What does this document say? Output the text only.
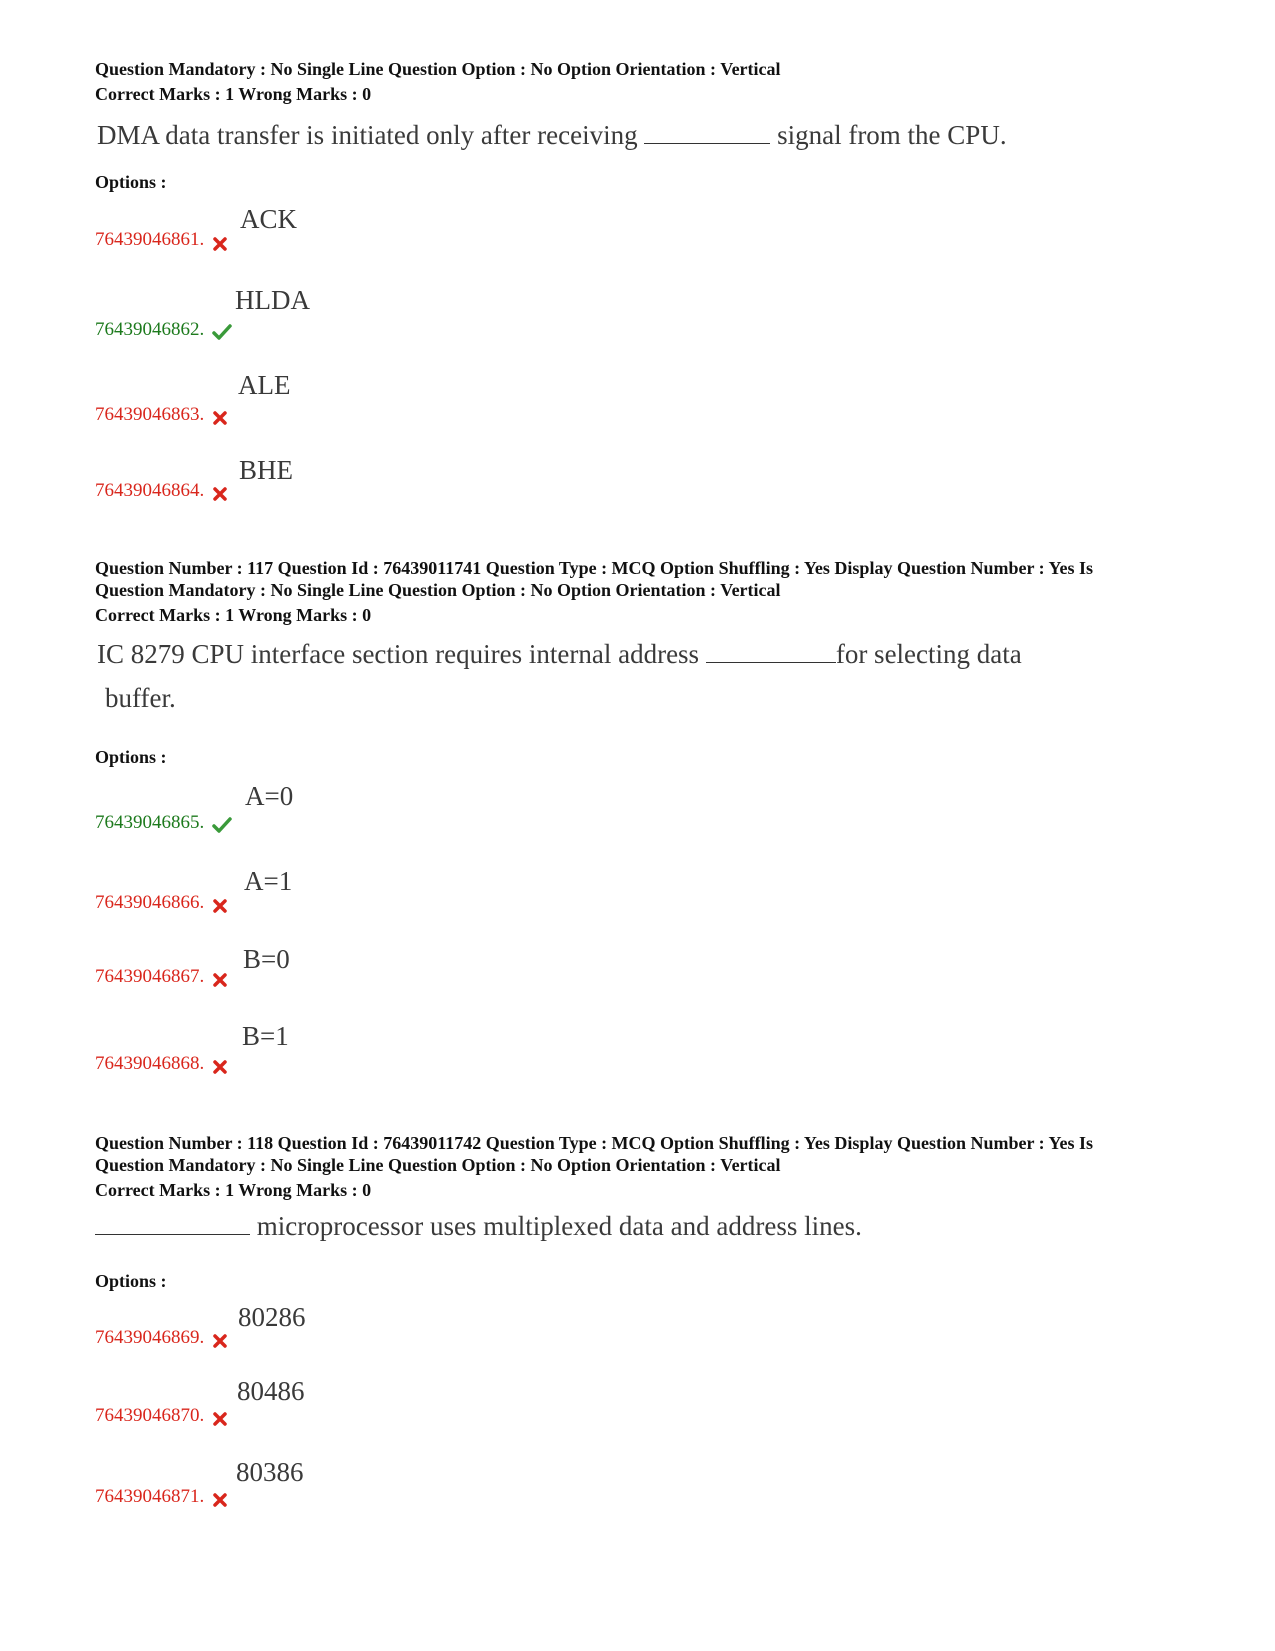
Question Mandatory : No Single Line Question Option : No Option Orientation : Vertical
Correct Marks : 1 Wrong Marks : 0
DMA data transfer is initiated only after receiving	signal from the CPU.
Options :
ACK
76439046861.
HLDA
76439046862.
ALE
76439046863.
BHE
76439046864.
Question Number : 117 Question Id : 76439011741 Question Type : MCQ Option Shuffling : Yes Display Question Number : Yes Is
Question Mandatory : No Single Line Question Option : No Option Orientation : Vertical
Correct Marks : 1 Wrong Marks : 0
IC 8279 CPU interface section requires internal address	for selecting data
buffer.
Options :
A=0
76439046865.
A=1
76439046866.
B=0
76439046867.
B=1
76439046868.
Question Number : 118 Question Id : 76439011742 Question Type : MCQ Option Shuffling : Yes Display Question Number : Yes Is
Question Mandatory : No Single Line Question Option : No Option Orientation : Vertical
Correct Marks : 1 Wrong Marks : 0
microprocessor uses multiplexed data and address lines.
Options :
80286
76439046869.
80486
76439046870.
80386
76439046871.
